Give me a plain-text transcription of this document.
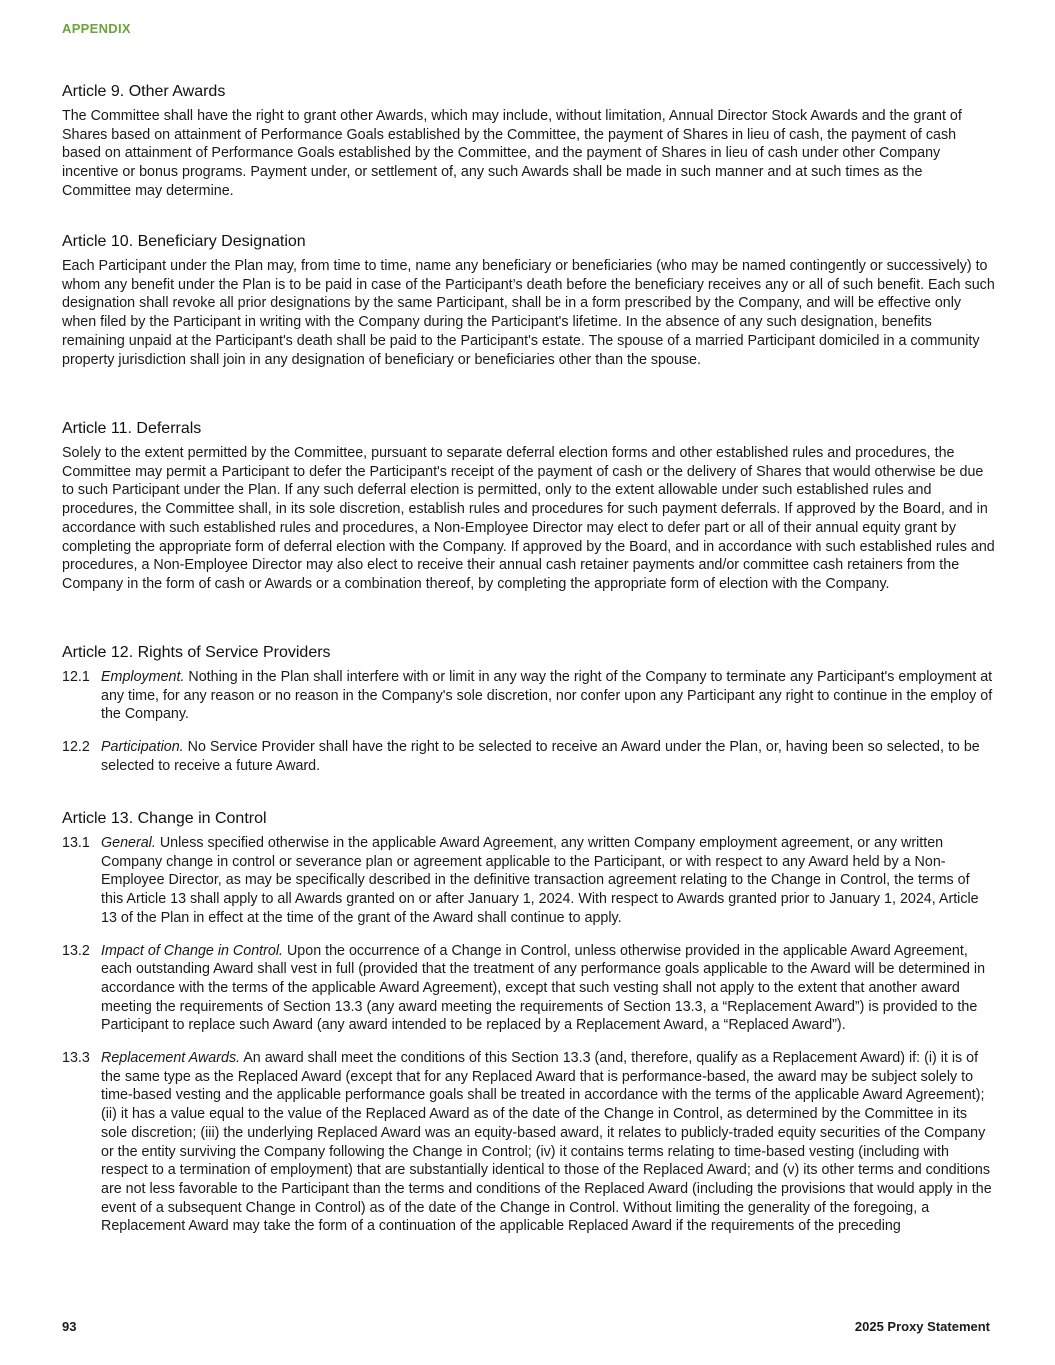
APPENDIX
Article 9. Other Awards

The Committee shall have the right to grant other Awards, which may include, without limitation, Annual Director Stock Awards and the grant of Shares based on attainment of Performance Goals established by the Committee, the payment of Shares in lieu of cash, the payment of cash based on attainment of Performance Goals established by the Committee, and the payment of Shares in lieu of cash under other Company incentive or bonus programs. Payment under, or settlement of, any such Awards shall be made in such manner and at such times as the Committee may determine.

Article 10. Beneficiary Designation

Each Participant under the Plan may, from time to time, name any beneficiary or beneficiaries (who may be named contingently or successively) to whom any benefit under the Plan is to be paid in case of the Participant’s death before the beneficiary receives any or all of such benefit. Each such designation shall revoke all prior designations by the same Participant, shall be in a form prescribed by the Company, and will be effective only when filed by the Participant in writing with the Company during the Participant's lifetime. In the absence of any such designation, benefits remaining unpaid at the Participant's death shall be paid to the Participant's estate. The spouse of a married Participant domiciled in a community property jurisdiction shall join in any designation of beneficiary or beneficiaries other than the spouse.

Article 11. Deferrals

Solely to the extent permitted by the Committee, pursuant to separate deferral election forms and other established rules and procedures, the Committee may permit a Participant to defer the Participant's receipt of the payment of cash or the delivery of Shares that would otherwise be due to such Participant under the Plan. If any such deferral election is permitted, only to the extent allowable under such established rules and procedures, the Committee shall, in its sole discretion, establish rules and procedures for such payment deferrals. If approved by the Board, and in accordance with such established rules and procedures, a Non-Employee Director may elect to defer part or all of their annual equity grant by completing the appropriate form of deferral election with the Company. If approved by the Board, and in accordance with such established rules and procedures, a Non-Employee Director may also elect to receive their annual cash retainer payments and/or committee cash retainers from the Company in the form of cash or Awards or a combination thereof, by completing the appropriate form of election with the Company.

Article 12. Rights of Service Providers
12.1 Employment. Nothing in the Plan shall interfere with or limit in any way the right of the Company to terminate any Participant's employment at any time, for any reason or no reason in the Company's sole discretion, nor confer upon any Participant any right to continue in the employ of the Company.
12.2 Participation. No Service Provider shall have the right to be selected to receive an Award under the Plan, or, having been so selected, to be selected to receive a future Award.
Article 13. Change in Control
13.1 General. Unless specified otherwise in the applicable Award Agreement, any written Company employment agreement, or any written Company change in control or severance plan or agreement applicable to the Participant, or with respect to any Award held by a Non-Employee Director, as may be specifically described in the definitive transaction agreement relating to the Change in Control, the terms of this Article 13 shall apply to all Awards granted on or after January 1, 2024. With respect to Awards granted prior to January 1, 2024, Article 13 of the Plan in effect at the time of the grant of the Award shall continue to apply.
13.2 Impact of Change in Control. Upon the occurrence of a Change in Control, unless otherwise provided in the applicable Award Agreement, each outstanding Award shall vest in full (provided that the treatment of any performance goals applicable to the Award will be determined in accordance with the terms of the applicable Award Agreement), except that such vesting shall not apply to the extent that another award meeting the requirements of Section 13.3 (any award meeting the requirements of Section 13.3, a “Replacement Award”) is provided to the Participant to replace such Award (any award intended to be replaced by a Replacement Award, a “Replaced Award”).
13.3 Replacement Awards. An award shall meet the conditions of this Section 13.3 (and, therefore, qualify as a Replacement Award) if: (i) it is of the same type as the Replaced Award (except that for any Replaced Award that is performance-based, the award may be subject solely to time-based vesting and the applicable performance goals shall be treated in accordance with the terms of the applicable Award Agreement); (ii) it has a value equal to the value of the Replaced Award as of the date of the Change in Control, as determined by the Committee in its sole discretion; (iii) the underlying Replaced Award was an equity-based award, it relates to publicly-traded equity securities of the Company or the entity surviving the Company following the Change in Control; (iv) it contains terms relating to time-based vesting (including with respect to a termination of employment) that are substantially identical to those of the Replaced Award; and (v) its other terms and conditions are not less favorable to the Participant than the terms and conditions of the Replaced Award (including the provisions that would apply in the event of a subsequent Change in Control) as of the date of the Change in Control. Without limiting the generality of the foregoing, a Replacement Award may take the form of a continuation of the applicable Replaced Award if the requirements of the preceding
93	2025 Proxy Statement
